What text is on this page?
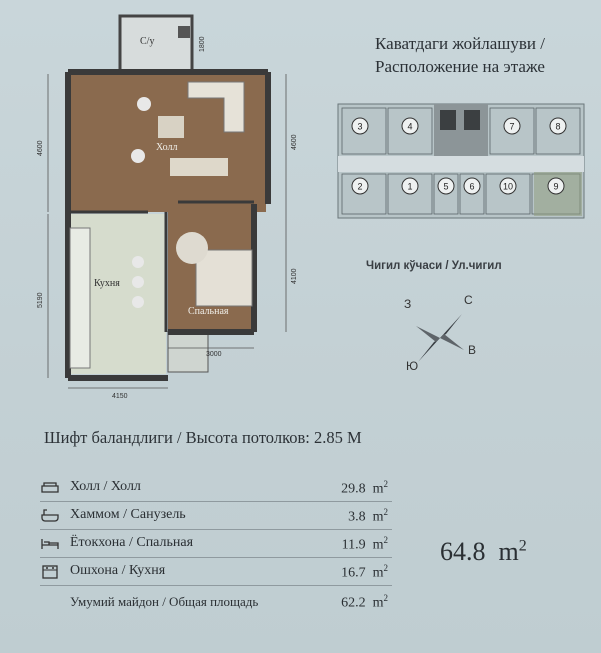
С/у
Холл
Кухня
Спальная
1800
4600	4600
5190
4100
3000
4150
Каватдаги жойлашуви /
Расположение на этаже
3	4	7	8
2	1	5 6	10	9
Чигил кўчаси / Ул.чигил
С
З
Ю
В
Шифт баландлиги / Высота потолков: 2.85 М
Холл / Холл	29.8 $m^2$
Хаммом / Санузель	3.8 $m^2$
Ётокхона / Спальная	11.9 $m^2$
Ошхона / Кухня	16.7 $m^2$
Умумий майдон / Общая площадь	62.2 $m^2$
64.8 $m^2$
